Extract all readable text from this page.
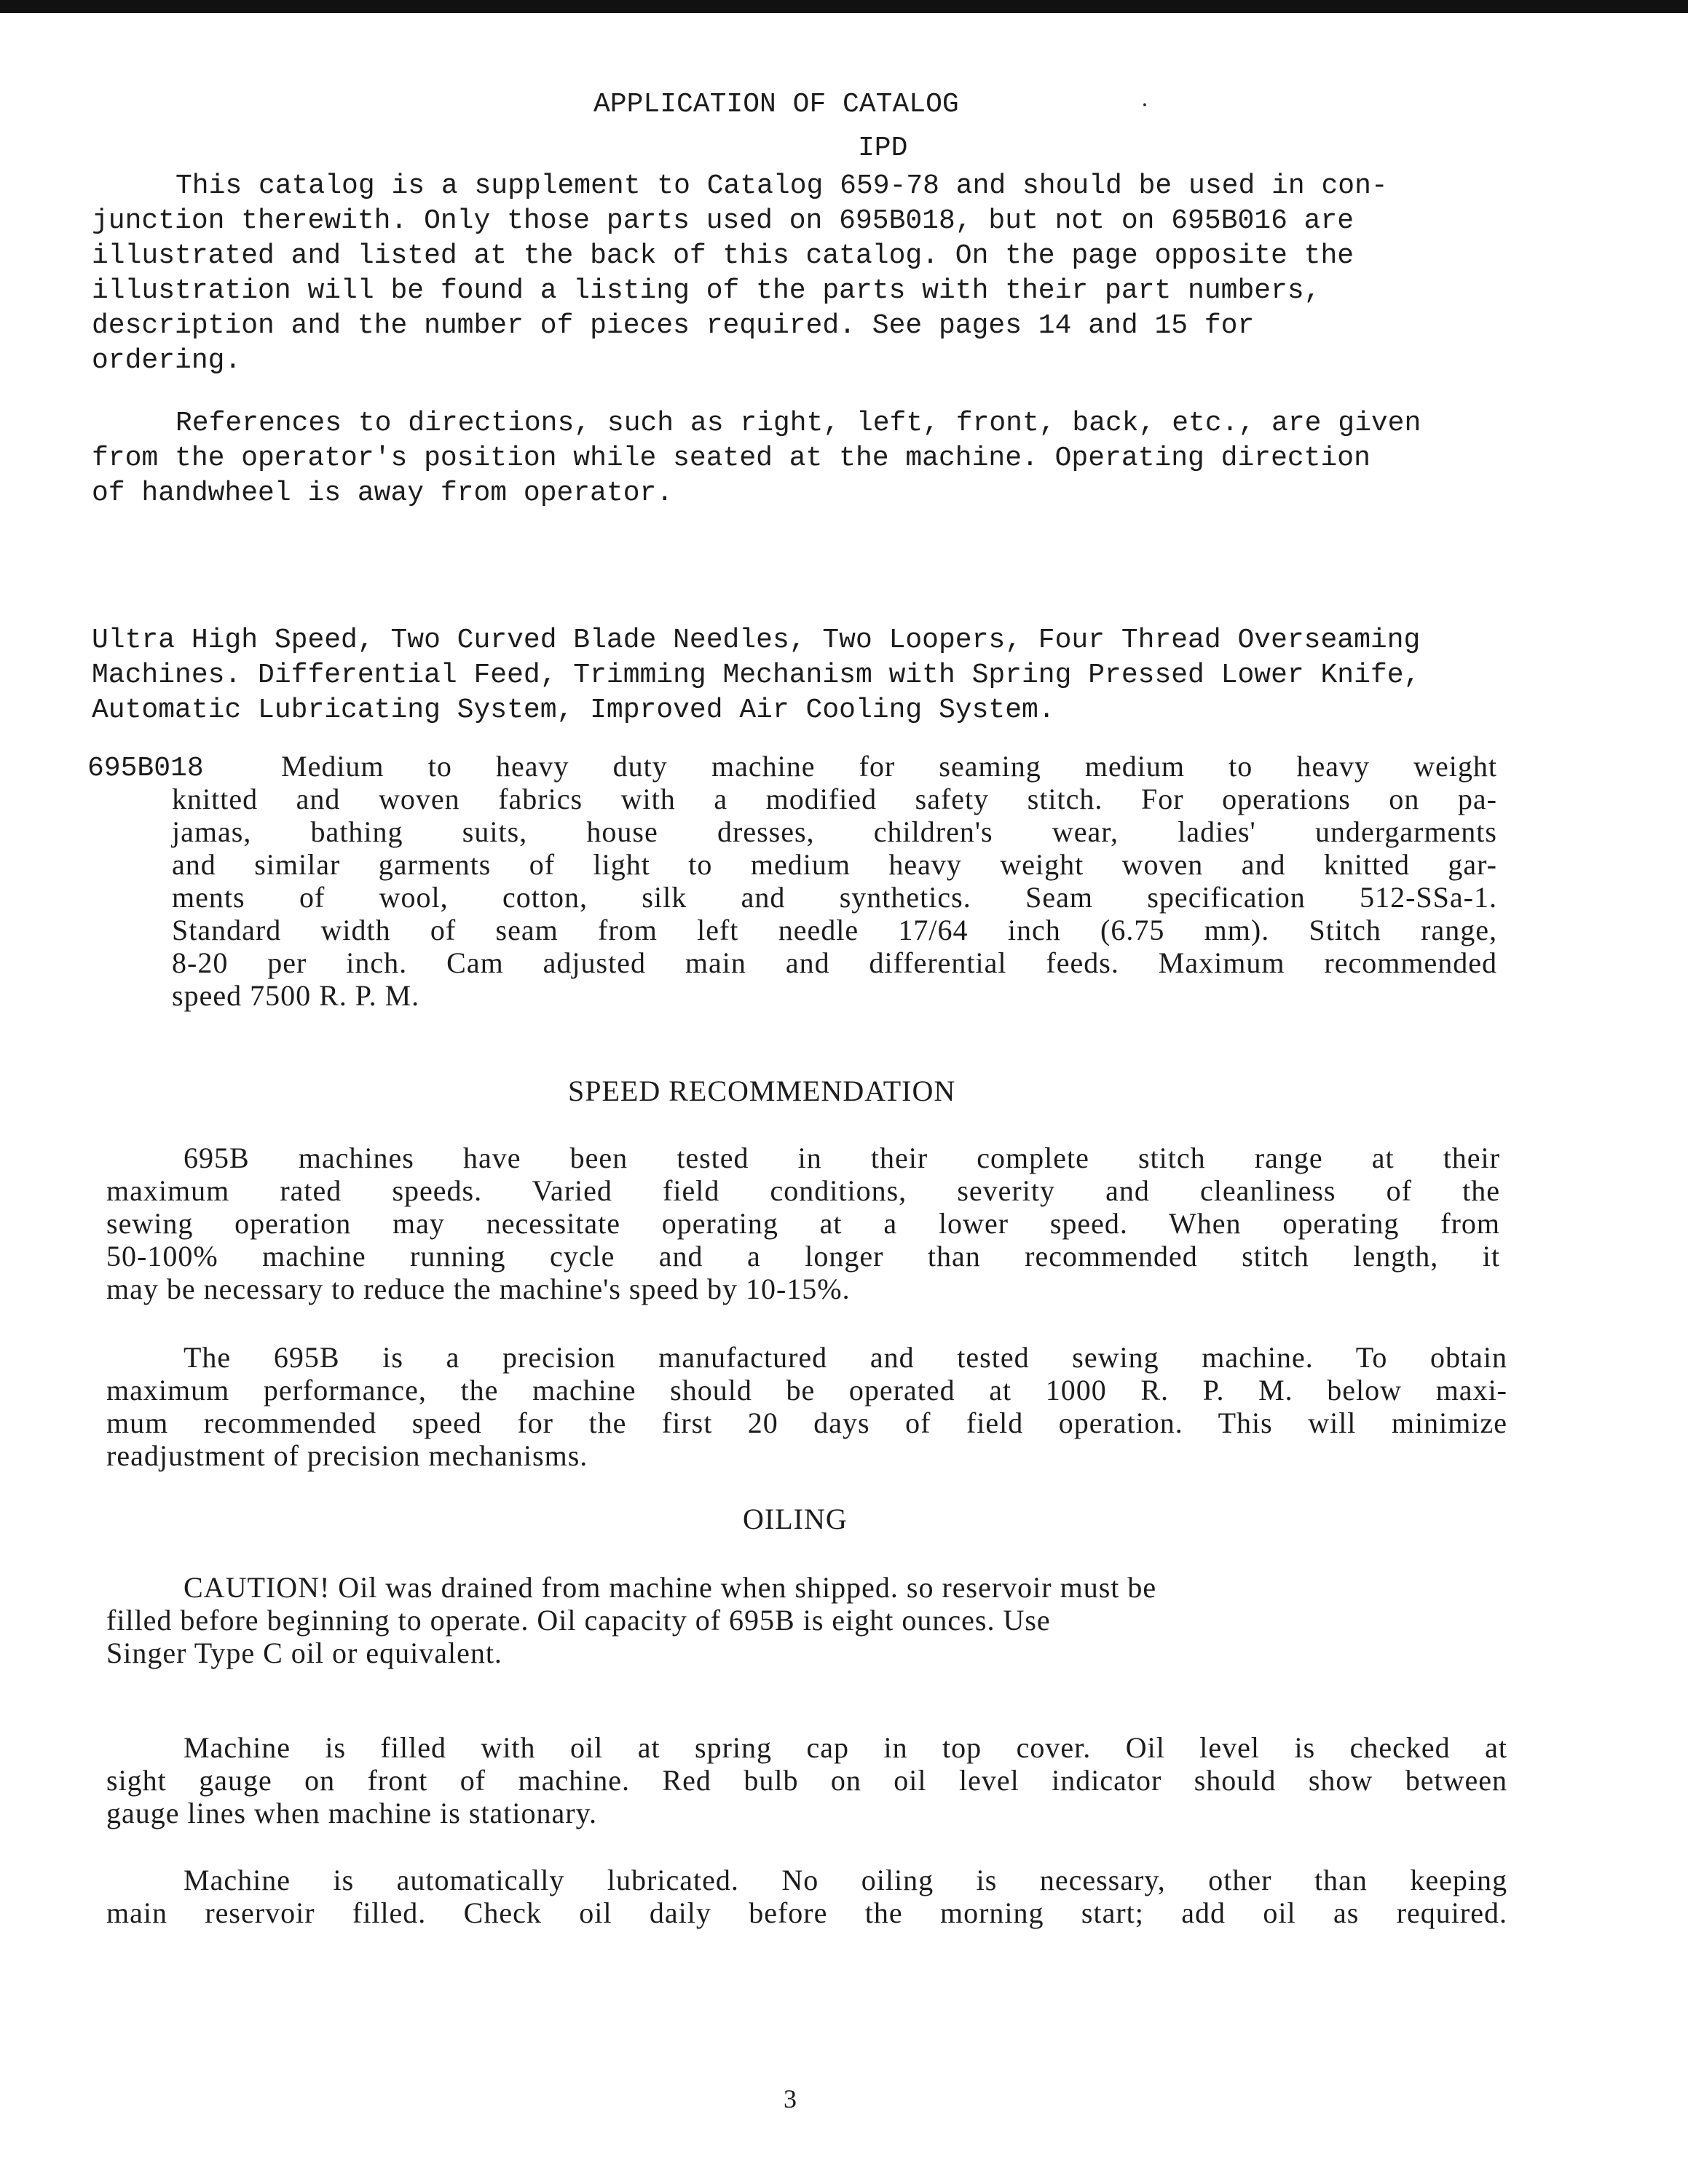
APPLICATION OF CATALOG
IPD
This catalog is a supplement to Catalog 659-78 and should be used in con-
junction therewith. Only those parts used on 695B018, but not on 695B016 are
illustrated and listed at the back of this catalog. On the page opposite the
illustration will be found a listing of the parts with their part numbers,
description and the number of pieces required. See pages 14 and 15 for
ordering.
References to directions, such as right, left, front, back, etc., are given
from the operator's position while seated at the machine. Operating direction
of handwheel is away from operator.
Ultra High Speed, Two Curved Blade Needles, Two Loopers, Four Thread Overseaming
Machines. Differential Feed, Trimming Mechanism with Spring Pressed Lower Knife,
Automatic Lubricating System, Improved Air Cooling System.
695B018	Medium to heavy duty machine for seaming medium to heavy weight
knitted and woven fabrics with a modified safety stitch. For operations on pa-
jamas, bathing suits, house dresses, children's wear, ladies' undergarments
and similar garments of light to medium heavy weight woven and knitted gar-
ments of wool, cotton, silk and synthetics. Seam specification 512-SSa-1.
Standard width of seam from left needle 17/64 inch (6.75 mm). Stitch range,
8-20 per inch. Cam adjusted main and differential feeds. Maximum recommended
speed 7500 R. P. M.
SPEED RECOMMENDATION
695B machines have been tested in their complete stitch range at their
maximum rated speeds. Varied field conditions, severity and cleanliness of the
sewing operation may necessitate operating at a lower speed. When operating from
50-100% machine running cycle and a longer than recommended stitch length, it
may be necessary to reduce the machine's speed by 10-15%.
The 695B is a precision manufactured and tested sewing machine. To obtain
maximum performance, the machine should be operated at 1000 R. P. M. below maxi-
mum recommended speed for the first 20 days of field operation. This will minimize
readjustment of precision mechanisms.
OILING
CAUTION! Oil was drained from machine when shipped. so reservoir must be
filled before beginning to operate. Oil capacity of 695B is eight ounces. Use
Singer Type C oil or equivalent.
Machine is filled with oil at spring cap in top cover. Oil level is checked at
sight gauge on front of machine. Red bulb on oil level indicator should show between
gauge lines when machine is stationary.
Machine is automatically lubricated. No oiling is necessary, other than keeping
main reservoir filled. Check oil daily before the morning start; add oil as required.
3
